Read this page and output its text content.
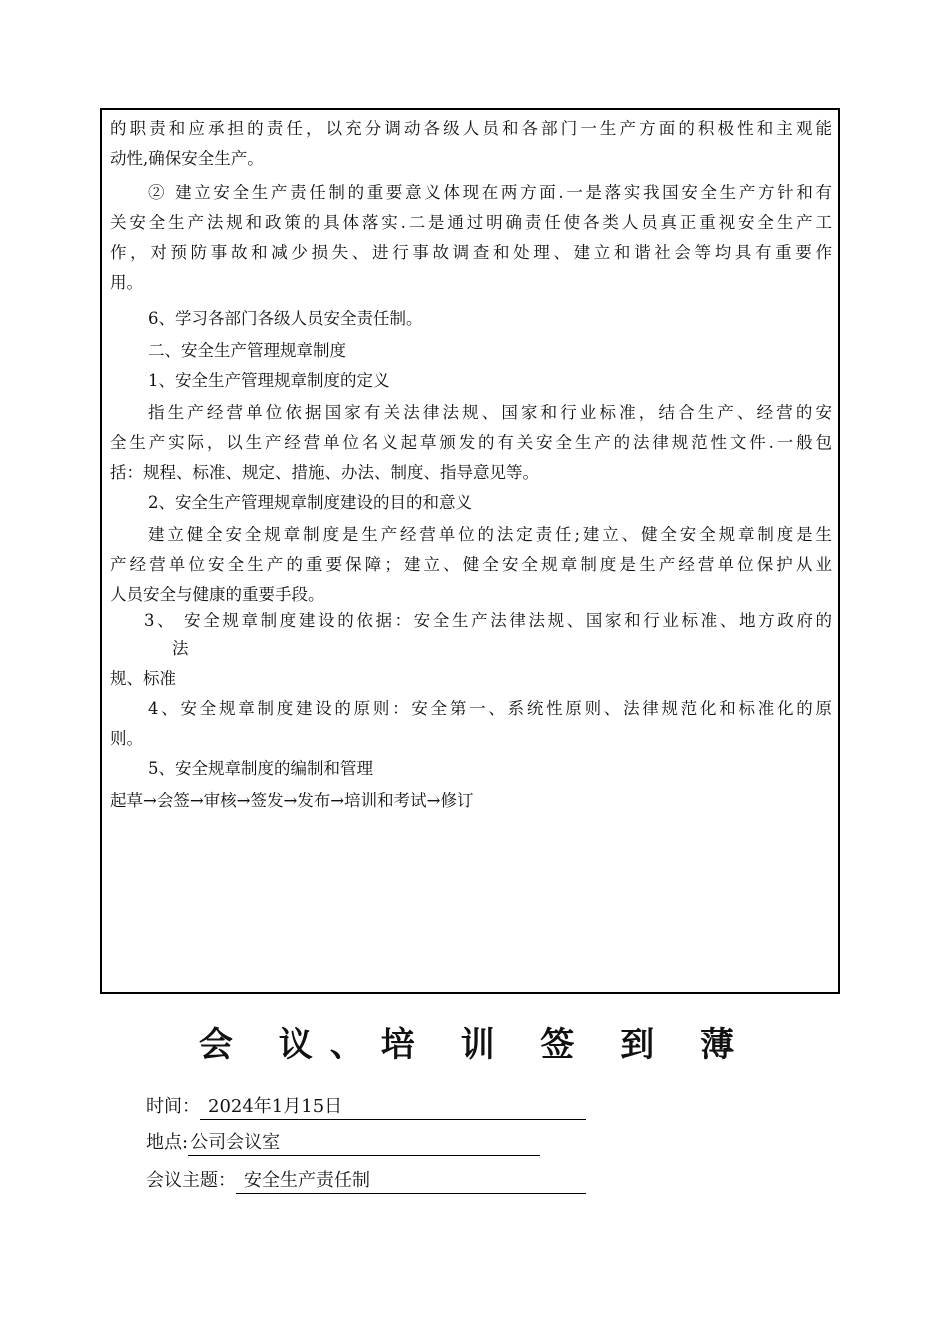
的职责和应承担的责任，以充分调动各级人员和各部门一生产方面的积极性和主观能
动性,确保安全生产。
② 建立安全生产责任制的重要意义体现在两方面.一是落实我国安全生产方针和有
关安全生产法规和政策的具体落实.二是通过明确责任使各类人员真正重视安全生产工
作，对预防事故和减少损失、进行事故调查和处理、建立和谐社会等均具有重要作
用。
6、学习各部门各级人员安全责任制。
二、安全生产管理规章制度
1、安全生产管理规章制度的定义
指生产经营单位依据国家有关法律法规、国家和行业标准，结合生产、经营的安
全生产实际，以生产经营单位名义起草颁发的有关安全生产的法律规范性文件.一般包
括：规程、标准、规定、措施、办法、制度、指导意见等。
2、安全生产管理规章制度建设的目的和意义
建立健全安全规章制度是生产经营单位的法定责任;建立、健全安全规章制度是生
产经营单位安全生产的重要保障；建立、健全安全规章制度是生产经营单位保护从业
人员安全与健康的重要手段。
3、 安全规章制度建设的依据：安全生产法律法规、国家和行业标准、地方政府的
法
规、标准
4、安全规章制度建设的原则：安全第一、系统性原则、法律规范化和标准化的原
则。
5、安全规章制度的编制和管理
起草→会签→审核→签发→发布→培训和考试→修订
会 议、培 训 签 到 薄
时间： 2024年1月15日
地点: 公司会议室
会议主题： 安全生产责任制
